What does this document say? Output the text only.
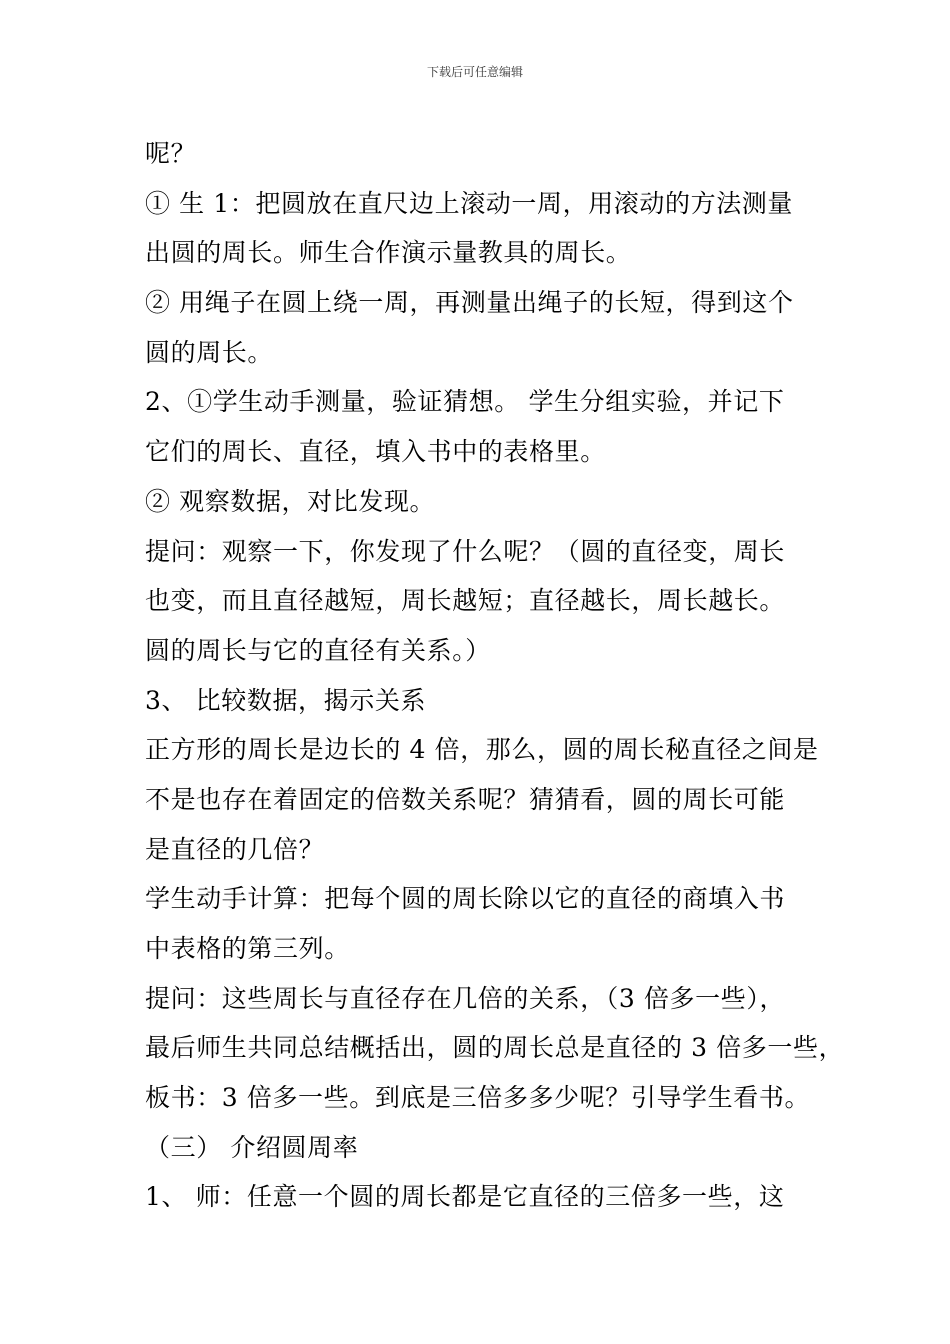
下载后可任意编辑
呢？
① 生 1：把圆放在直尺边上滚动一周，用滚动的方法测量
出圆的周长。师生合作演示量教具的周长。
② 用绳子在圆上绕一周，再测量出绳子的长短，得到这个
圆的周长。
2、①学生动手测量，验证猜想。 学生分组实验，并记下
它们的周长、直径，填入书中的表格里。
② 观察数据，对比发现。
提问：观察一下，你发现了什么呢？（圆的直径变，周长
也变，而且直径越短，周长越短；直径越长，周长越长。
圆的周长与它的直径有关系。）
3、 比较数据，揭示关系
正方形的周长是边长的 4 倍，那么，圆的周长秘直径之间是
不是也存在着固定的倍数关系呢？猜猜看，圆的周长可能
是直径的几倍？
学生动手计算：把每个圆的周长除以它的直径的商填入书
中表格的第三列。
提问：这些周长与直径存在几倍的关系，（3 倍多一些），
最后师生共同总结概括出，圆的周长总是直径的 3 倍多一些，
板书：3 倍多一些。到底是三倍多多少呢？引导学生看书。
（三） 介绍圆周率
1、 师：任意一个圆的周长都是它直径的三倍多一些，这
